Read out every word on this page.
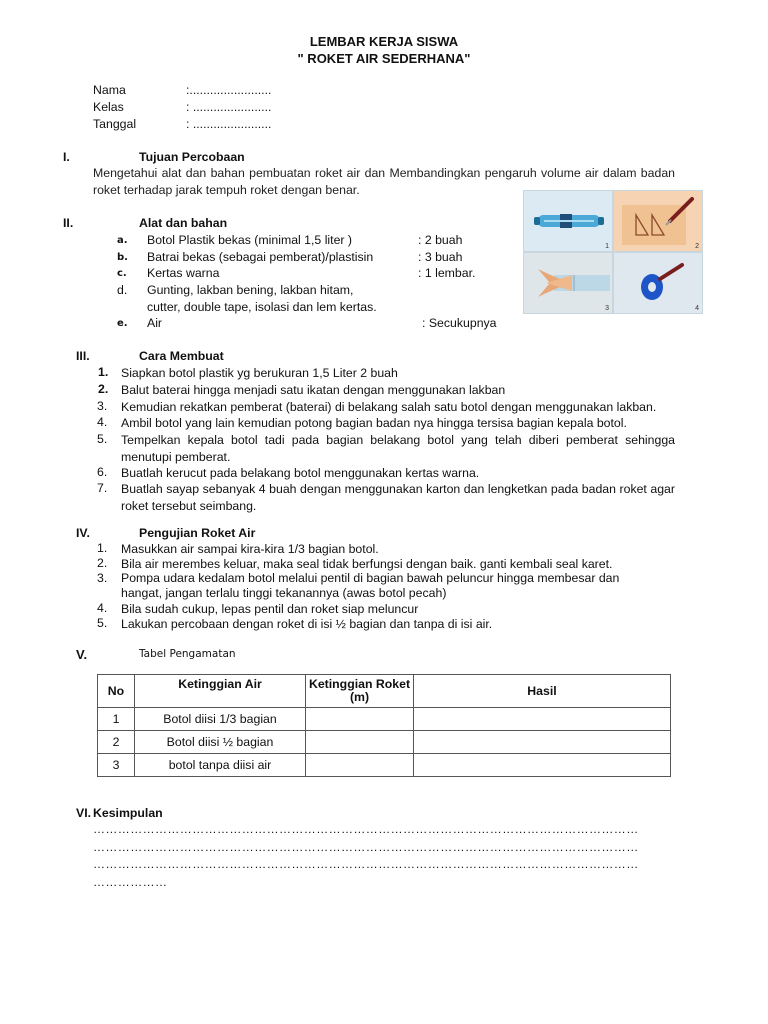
LEMBAR KERJA SISWA
" ROKET AIR SEDERHANA"
Nama	:........................
Kelas	: .......................
Tanggal	: .......................
I.	Tujuan Percobaan
Mengetahui alat dan bahan pembuatan roket air dan Membandingkan pengaruh volume air dalam badan roket terhadap jarak tempuh roket dengan benar.
II.	Alat dan bahan
a. Botol Plastik bekas (minimal 1,5 liter )	: 2 buah
b. Batrai bekas (sebagai pemberat)/plastisin	: 3 buah
c. Kertas warna	: 1 lembar.
d. Gunting, lakban bening, lakban hitam,
cutter, double tape, isolasi dan lem kertas.
e. Air	: Secukupnya
1	2
3	4
III.	Cara Membuat
1. Siapkan botol plastik yg berukuran 1,5 Liter 2 buah
2. Balut baterai hingga menjadi satu ikatan dengan menggunakan lakban
3. Kemudian rekatkan pemberat (baterai) di belakang salah satu botol dengan menggunakan lakban.
4. Ambil botol yang lain kemudian potong bagian badan nya hingga tersisa bagian kepala botol.
5. Tempelkan kepala botol tadi pada bagian belakang botol yang telah diberi pemberat sehingga menutupi pemberat.
6. Buatlah kerucut pada belakang botol menggunakan kertas warna.
7. Buatlah sayap sebanyak 4 buah dengan menggunakan karton dan lengketkan pada badan roket agar roket tersebut seimbang.
IV.	Pengujian Roket Air
1. Masukkan air sampai kira-kira 1/3 bagian botol.
2. Bila air merembes keluar, maka seal tidak berfungsi dengan baik. ganti kembali seal karet.
3. Pompa udara kedalam botol melalui pentil di bagian bawah peluncur hingga membesar dan hangat, jangan terlalu tinggi tekanannya (awas botol pecah)
4. Bila sudah cukup, lepas pentil dan roket siap meluncur
5. Lakukan percobaan dengan roket di isi ½ bagian dan tanpa di isi air.
V.	Tabel Pengamatan
No	Ketinggian Air	Ketinggian Roket (m)	Hasil
1	Botol diisi 1/3 bagian		
2	Botol diisi ½ bagian		
3	botol tanpa diisi air		
VI. Kesimpulan
……………………………………………………………………………………………………………………
……………………………………………………………………………………………………………………
……………………………………………………………………………………………………………………
………………
